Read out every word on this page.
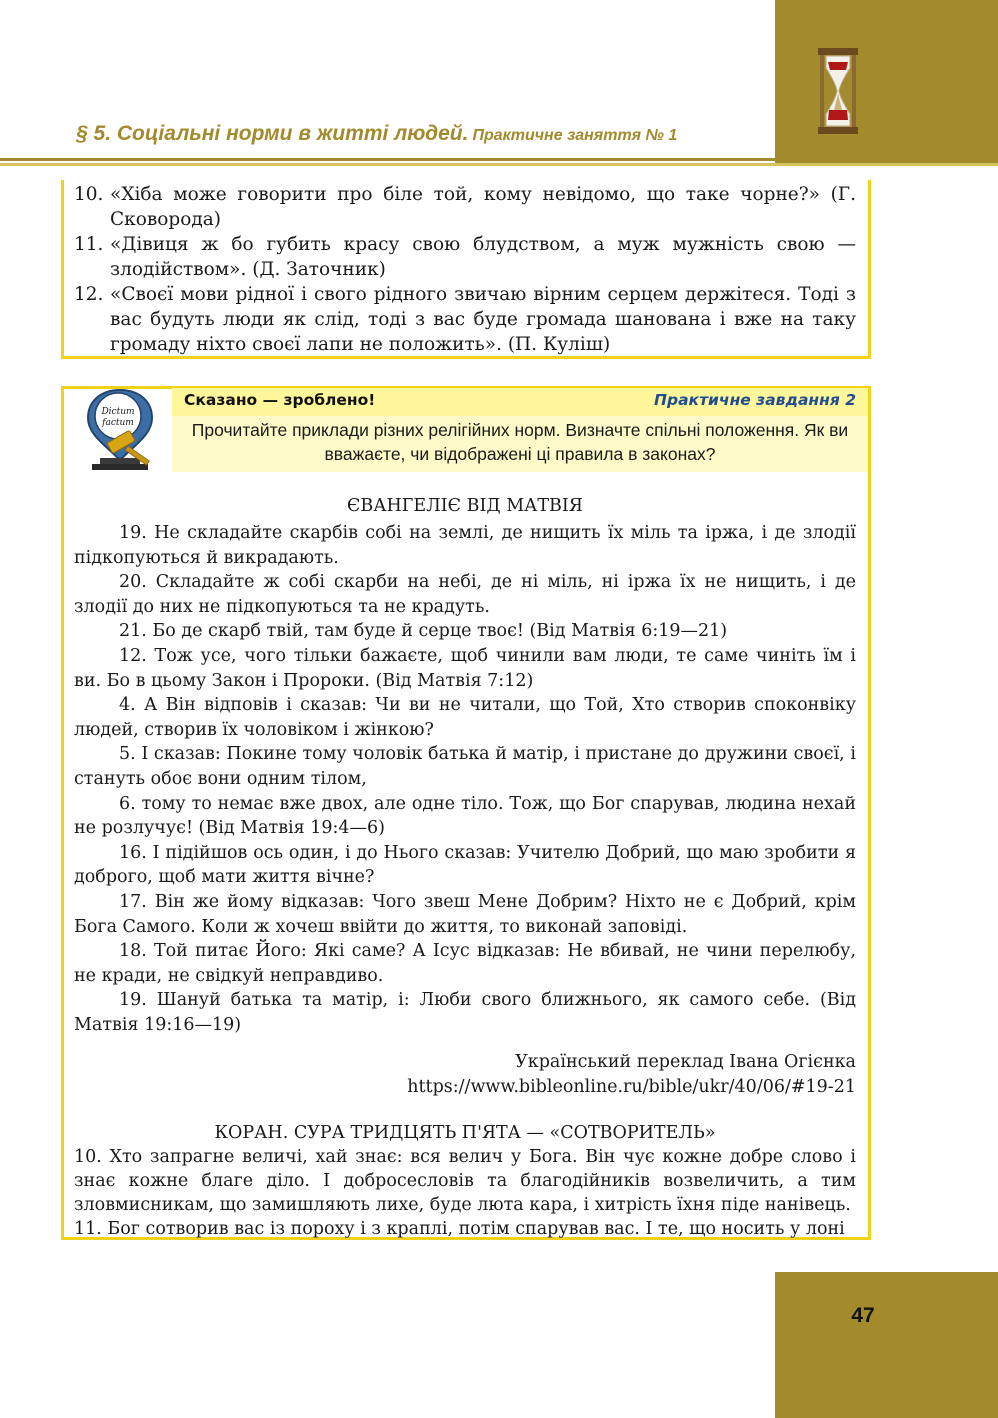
§ 5. Соціальні норми в житті людей. Практичне заняття № 1
10. «Хіба може говорити про біле той, кому невідомо, що таке чорне?» (Г. Сковорода)
11. «Дівиця ж бо губить красу свою блудством, а муж мужність свою — злодійством». (Д. Заточник)
12. «Своєї мови рідної і свого рідного звичаю вірним серцем держітеся. Тоді з вас будуть люди як слід, тоді з вас буде громада шанована і вже на таку громаду ніхто своєї лапи не положить». (П. Куліш)
Dictum
factum
Сказано — зроблено!	Практичне завдання 2
Прочитайте приклади різних релігійних норм. Визначте спільні положення. Як ви вважаєте, чи відображені ці правила в законах?
ЄВАНГЕЛІЄ ВІД МАТВІЯ

19. Не складайте скарбів собі на землі, де нищить їх міль та іржа, і де злодії підкопуються й викрадають.

20. Складайте ж собі скарби на небі, де ні міль, ні іржа їх не нищить, і де злодії до них не підкопуються та не крадуть.

21. Бо де скарб твій, там буде й серце твоє! (Від Матвія 6:19—21)

12. Тож усе, чого тільки бажаєте, щоб чинили вам люди, те саме чиніть їм і ви. Бо в цьому Закон і Пророки. (Від Матвія 7:12)

4. А Він відповів і сказав: Чи ви не читали, що Той, Хто створив споконвіку людей, створив їх чоловіком і жінкою?

5. І сказав: Покине тому чоловік батька й матір, і пристане до дружини своєї, і стануть обоє вони одним тілом,

6. тому то немає вже двох, але одне тіло. Тож, що Бог спарував, людина нехай не розлучує! (Від Матвія 19:4—6)

16. І підійшов ось один, і до Нього сказав: Учителю Добрий, що маю зробити я доброго, щоб мати життя вічне?

17. Він же йому відказав: Чого звеш Мене Добрим? Ніхто не є Добрий, крім Бога Самого. Коли ж хочеш ввійти до життя, то виконай заповіді.

18. Той питає Його: Які саме? А Ісус відказав: Не вбивай, не чини перелюбу, не кради, не свідкуй неправдиво.

19. Шануй батька та матір, і: Люби свого ближнього, як самого себе. (Від Матвія 19:16—19)

Український переклад Івана Огієнка
https://www.bibleonline.ru/bible/ukr/40/06/#19-21
КОРАН. СУРА ТРИДЦЯТЬ П'ЯТА — «СОТВОРИТЕЛЬ»

10. Хто запрагне величі, хай знає: вся велич у Бога. Він чує кожне добре слово і знає кожне благе діло. І добросесловів та благодійників возвеличить, а тим зловмисникам, що замишляють лихе, буде люта кара, і хитрість їхня піде нанівець.

11. Бог сотворив вас із пороху і з краплі, потім спарував вас. І те, що носить у лоні

47
